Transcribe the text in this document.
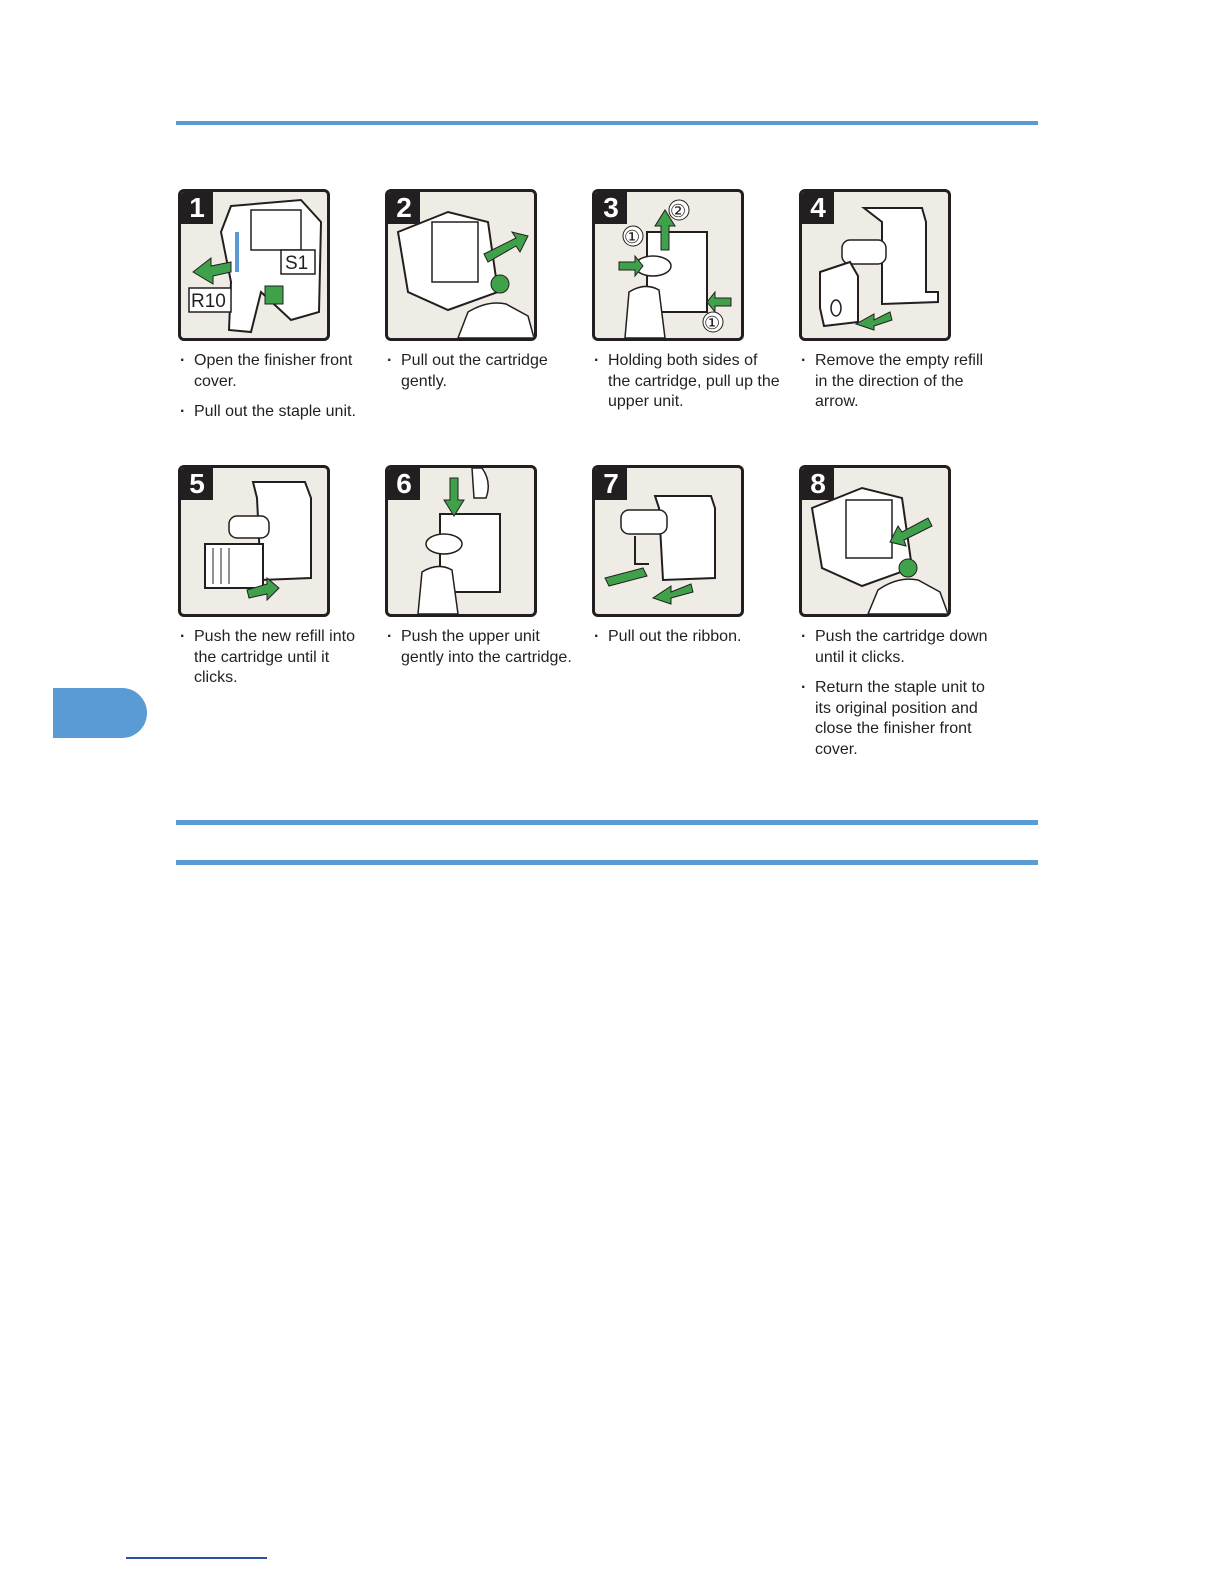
1
S1
R10
· Open the finisher front cover.
· Pull out the staple unit.
2
· Pull out the cartridge gently.
3
①
②
①
· Holding both sides of the cartridge, pull up the upper unit.
4
· Remove the empty refill in the direction of the arrow.
5
· Push the new refill into the cartridge until it clicks.
6
· Push the upper unit gently into the cartridge.
7
· Pull out the ribbon.
8
· Push the cartridge down until it clicks.
· Return the staple unit to its original position and close the finisher front cover.
